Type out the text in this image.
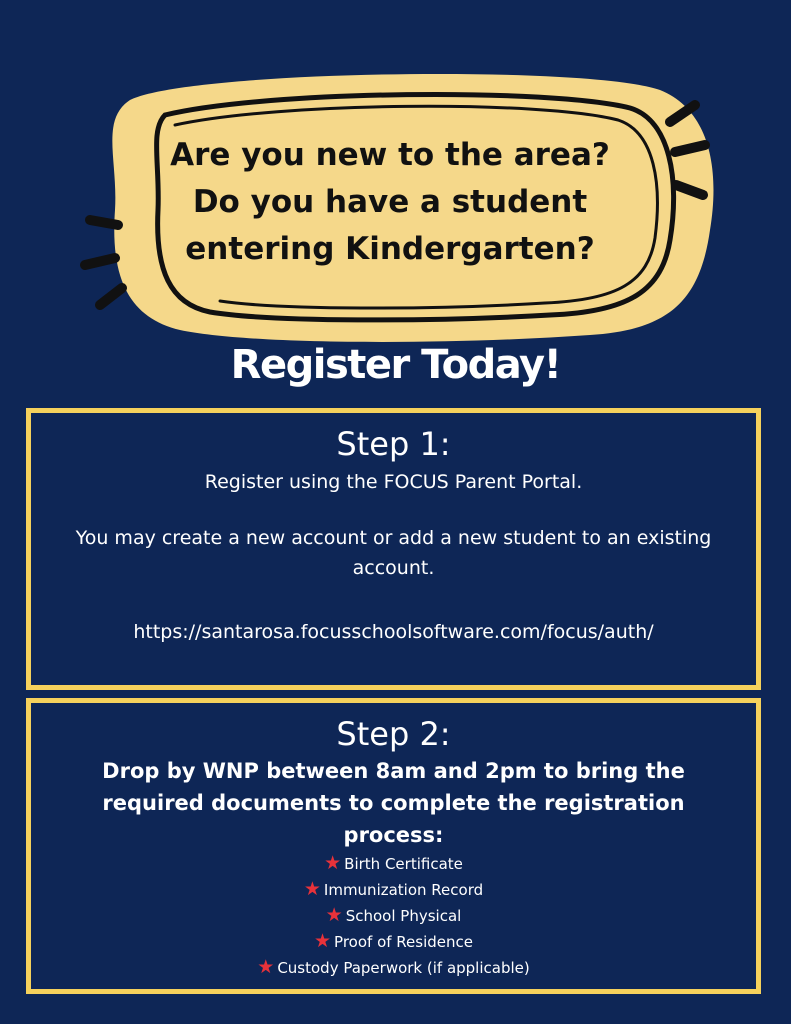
Are you new to the area?
Do you have a student
entering Kindergarten?
Register Today!
Step 1:
Register using the FOCUS Parent Portal.
You may create a new account or add a new student to an existing account.
https://santarosa.focusschoolsoftware.com/focus/auth/
Step 2:
Drop by WNP between 8am and 2pm to bring the required documents to complete the registration process:
★ Birth Certificate
★ Immunization Record
★ School Physical
★ Proof of Residence
★ Custody Paperwork (if applicable)
